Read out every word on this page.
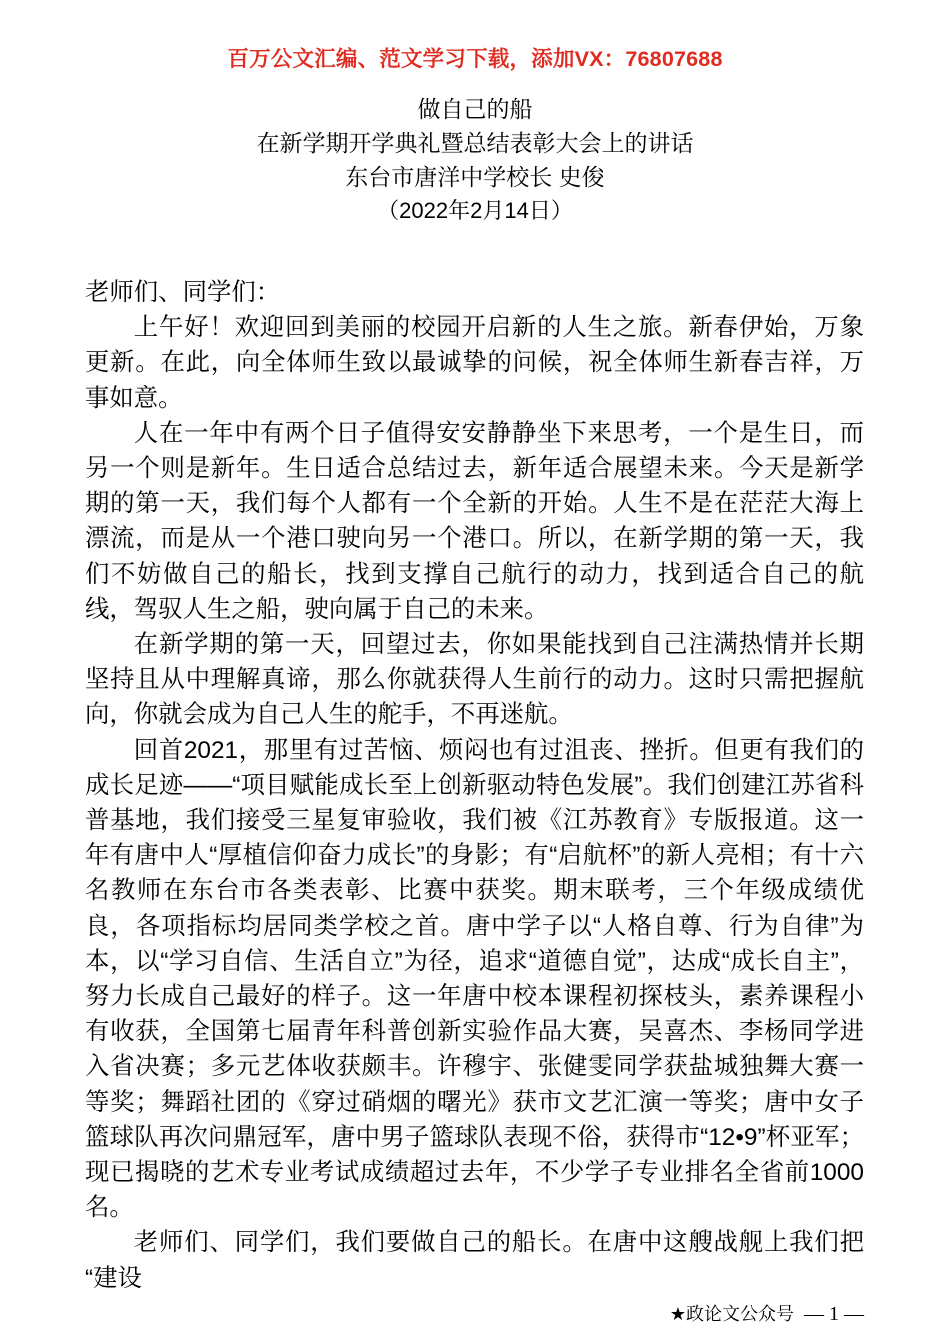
百万公文汇编、范文学习下载，添加VX：76807688
做自己的船
在新学期开学典礼暨总结表彰大会上的讲话
东台市唐洋中学校长 史俊
（2022年2月14日）

老师们、同学们：

上午好！欢迎回到美丽的校园开启新的人生之旅。新春伊始，万象更新。在此，向全体师生致以最诚挚的问候，祝全体师生新春吉祥，万事如意。

人在一年中有两个日子值得安安静静坐下来思考，一个是生日，而另一个则是新年。生日适合总结过去，新年适合展望未来。今天是新学期的第一天，我们每个人都有一个全新的开始。人生不是在茫茫大海上漂流，而是从一个港口驶向另一个港口。所以，在新学期的第一天，我们不妨做自己的船长，找到支撑自己航行的动力，找到适合自己的航线，驾驭人生之船，驶向属于自己的未来。

在新学期的第一天，回望过去，你如果能找到自己注满热情并长期坚持且从中理解真谛，那么你就获得人生前行的动力。这时只需把握航向，你就会成为自己人生的舵手，不再迷航。

回首2021，那里有过苦恼、烦闷也有过沮丧、挫折。但更有我们的成长足迹——“项目赋能成长至上创新驱动特色发展”。我们创建江苏省科普基地，我们接受三星复审验收，我们被《江苏教育》专版报道。这一年有唐中人“厚植信仰奋力成长”的身影；有“启航杯”的新人亮相；有十六名教师在东台市各类表彰、比赛中获奖。期末联考，三个年级成绩优良，各项指标均居同类学校之首。唐中学子以“人格自尊、行为自律”为本，以“学习自信、生活自立”为径，追求“道德自觉”，达成“成长自主”，努力长成自己最好的样子。这一年唐中校本课程初探枝头，素养课程小有收获，全国第七届青年科普创新实验作品大赛，吴喜杰、李杨同学进入省决赛；多元艺体收获颇丰。许穆宇、张健雯同学获盐城独舞大赛一等奖；舞蹈社团的《穿过硝烟的曙光》获市文艺汇演一等奖；唐中女子篮球队再次问鼎冠军，唐中男子篮球队表现不俗，获得市“12•9”杯亚军；现已揭晓的艺术专业考试成绩超过去年，不少学子专业排名全省前1000名。

老师们、同学们，我们要做自己的船长。在唐中这艘战舰上我们把“建设

★政论文公众号 — 1 —
